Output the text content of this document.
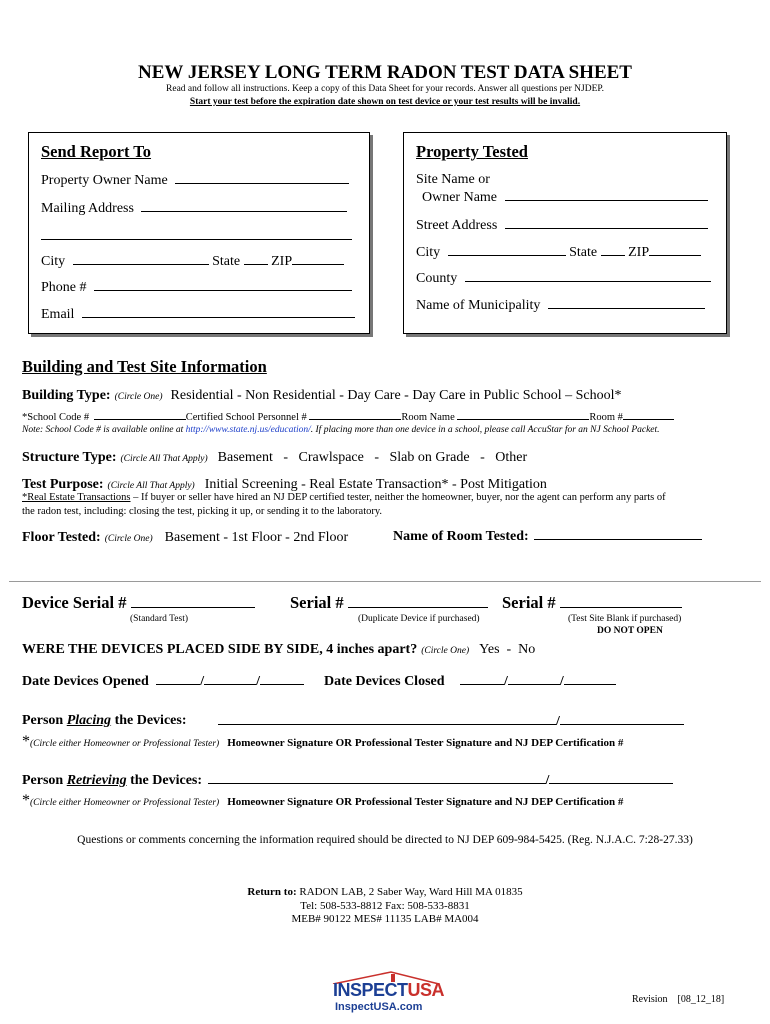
NEW JERSEY LONG TERM RADON TEST DATA SHEET
Read and follow all instructions. Keep a copy of this Data Sheet for your records. Answer all questions per NJDEP.
Start your test before the expiration date shown on test device or your test results will be invalid.
Send Report To
Property Owner Name
Mailing Address
City	State ZIP
Phone #
Email
Property Tested
Site Name or
Owner Name
Street Address
City	State ZIP
County
Name of Municipality
Building and Test Site Information
Building Type: (Circle One) Residential - Non Residential - Day Care - Day Care in Public School – School*
*School Code #	Certified School Personnel #	Room Name	Room #
Note: School Code # is available online at http://www.state.nj.us/education/. If placing more than one device in a school, please call AccuStar for an NJ School Packet.
Structure Type: (Circle All That Apply) Basement   -   Crawlspace   -   Slab on Grade   -   Other
Test Purpose: (Circle All That Apply) Initial Screening - Real Estate Transaction* - Post Mitigation
*Real Estate Transactions – If buyer or seller have hired an NJ DEP certified tester, neither the homeowner, buyer, nor the agent can perform any parts of
the radon test, including: closing the test, picking it up, or sending it to the laboratory.
Floor Tested: (Circle One) Basement - 1st Floor - 2nd Floor	Name of Room Tested:
Device Serial #
(Standard Test)
Serial #
(Duplicate Device if purchased)
Serial #
(Test Site Blank if purchased)
DO NOT OPEN
WERE THE DEVICES PLACED SIDE BY SIDE, 4 inches apart? (Circle One) Yes  -  No
Date Devices Opened	/	/	Date Devices Closed	/	/
Person Placing the Devices:	/
*(Circle either Homeowner or Professional Tester) Homeowner Signature OR Professional Tester Signature and NJ DEP Certification #
Person Retrieving the Devices:	/
*(Circle either Homeowner or Professional Tester) Homeowner Signature OR Professional Tester Signature and NJ DEP Certification #
Questions or comments concerning the information required should be directed to NJ DEP 609-984-5425. (Reg. N.J.A.C. 7:28-27.33)
Return to: RADON LAB, 2 Saber Way, Ward Hill MA 01835
Tel: 508-533-8812 Fax: 508-533-8831
MEB# 90122 MES# 11135 LAB# MA004
INSPECTUSA
InspectUSA.com
Revision    [08_12_18]
